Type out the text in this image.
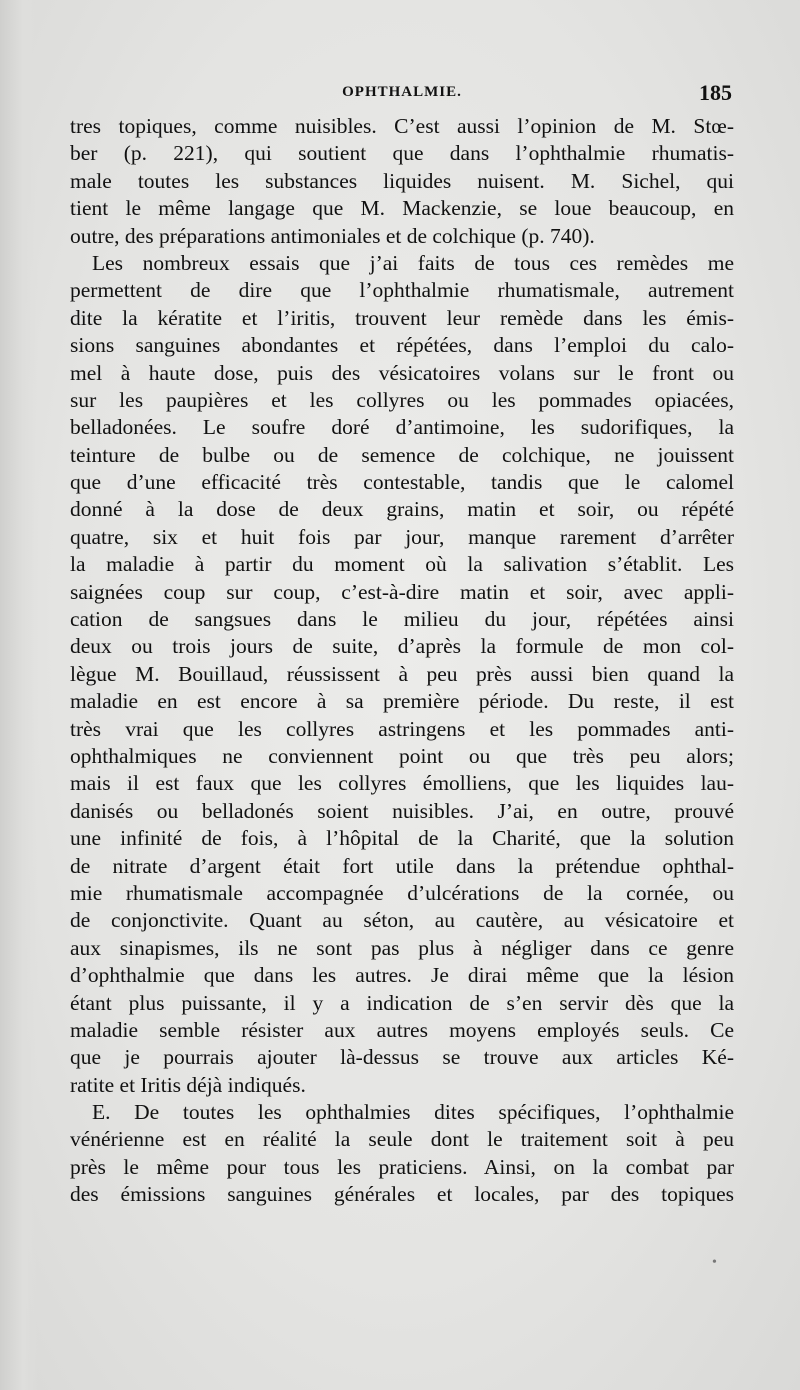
OPHTHALMIE.	185
tres topiques, comme nuisibles. C’est aussi l’opinion de M. Stœ-
ber (p. 221), qui soutient que dans l’ophthalmie rhumatis-
male toutes les substances liquides nuisent. M. Sichel, qui
tient le même langage que M. Mackenzie, se loue beaucoup, en
outre, des préparations antimoniales et de colchique (p. 740).
Les nombreux essais que j’ai faits de tous ces remèdes me
permettent de dire que l’ophthalmie rhumatismale, autrement
dite la kératite et l’iritis, trouvent leur remède dans les émis-
sions sanguines abondantes et répétées, dans l’emploi du calo-
mel à haute dose, puis des vésicatoires volans sur le front ou
sur les paupières et les collyres ou les pommades opiacées,
belladonées. Le soufre doré d’antimoine, les sudorifiques, la
teinture de bulbe ou de semence de colchique, ne jouissent
que d’une efficacité très contestable, tandis que le calomel
donné à la dose de deux grains, matin et soir, ou répété
quatre, six et huit fois par jour, manque rarement d’arrêter
la maladie à partir du moment où la salivation s’établit. Les
saignées coup sur coup, c’est-à-dire matin et soir, avec appli-
cation de sangsues dans le milieu du jour, répétées ainsi
deux ou trois jours de suite, d’après la formule de mon col-
lègue M. Bouillaud, réussissent à peu près aussi bien quand la
maladie en est encore à sa première période. Du reste, il est
très vrai que les collyres astringens et les pommades anti-
ophthalmiques ne conviennent point ou que très peu alors;
mais il est faux que les collyres émolliens, que les liquides lau-
danisés ou belladonés soient nuisibles. J’ai, en outre, prouvé
une infinité de fois, à l’hôpital de la Charité, que la solution
de nitrate d’argent était fort utile dans la prétendue ophthal-
mie rhumatismale accompagnée d’ulcérations de la cornée, ou
de conjonctivite. Quant au séton, au cautère, au vésicatoire et
aux sinapismes, ils ne sont pas plus à négliger dans ce genre
d’ophthalmie que dans les autres. Je dirai même que la lésion
étant plus puissante, il y a indication de s’en servir dès que la
maladie semble résister aux autres moyens employés seuls. Ce
que je pourrais ajouter là-dessus se trouve aux articles Ké-
ratite et Iritis déjà indiqués.
E. De toutes les ophthalmies dites spécifiques, l’ophthalmie
vénérienne est en réalité la seule dont le traitement soit à peu
près le même pour tous les praticiens. Ainsi, on la combat par
des émissions sanguines générales et locales, par des topiques
•
